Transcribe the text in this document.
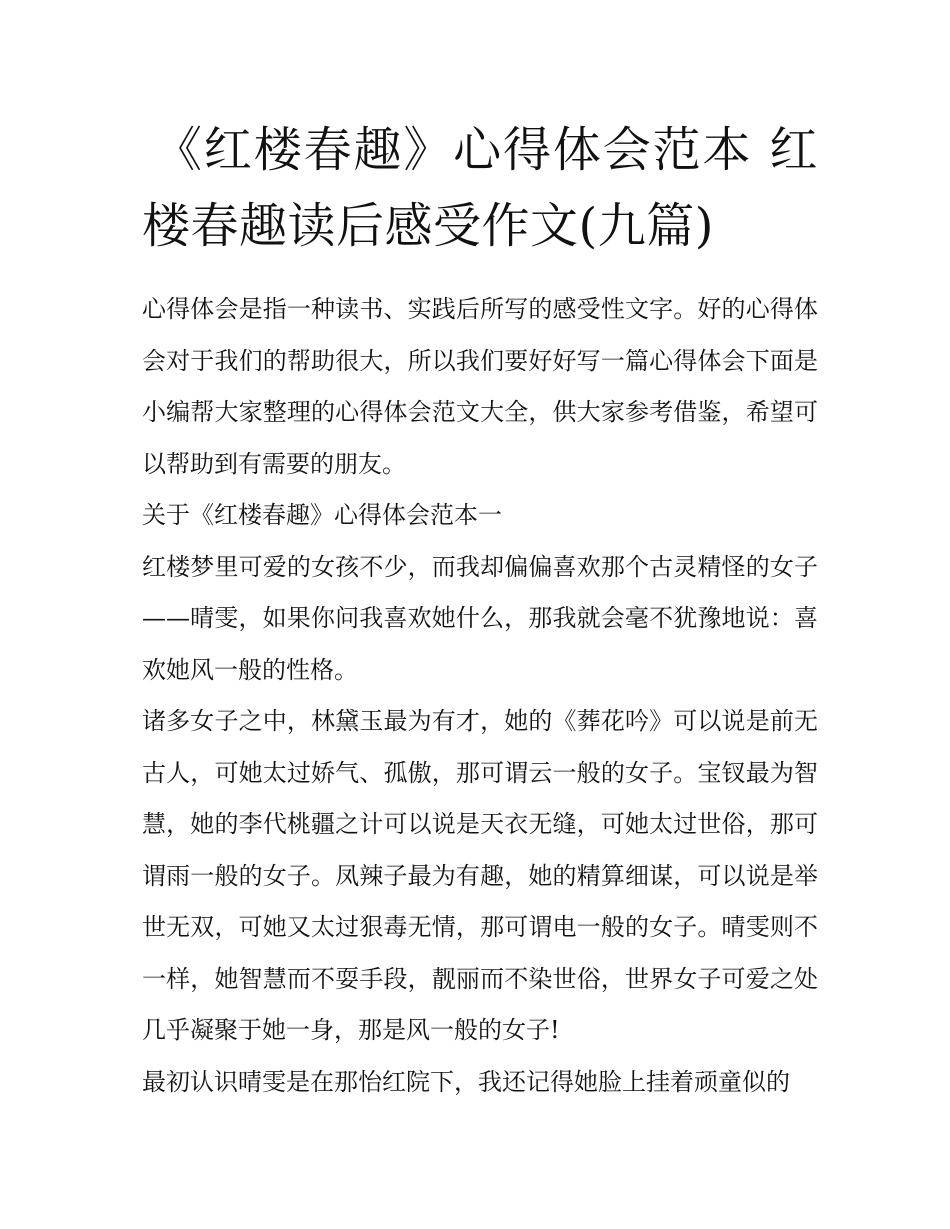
《红楼春趣》心得体会范本 红楼春趣读后感受作文(九篇)

心得体会是指一种读书、实践后所写的感受性文字。好的心得体会对于我们的帮助很大，所以我们要好好写一篇心得体会下面是小编帮大家整理的心得体会范文大全，供大家参考借鉴，希望可以帮助到有需要的朋友。

关于《红楼春趣》心得体会范本一

红楼梦里可爱的女孩不少，而我却偏偏喜欢那个古灵精怪的女子——晴雯，如果你问我喜欢她什么，那我就会毫不犹豫地说：喜欢她风一般的性格。

诸多女子之中，林黛玉最为有才，她的《葬花吟》可以说是前无古人，可她太过娇气、孤傲，那可谓云一般的女子。宝钗最为智慧，她的李代桃疆之计可以说是天衣无缝，可她太过世俗，那可谓雨一般的女子。凤辣子最为有趣，她的精算细谋，可以说是举世无双，可她又太过狠毒无情，那可谓电一般的女子。晴雯则不一样，她智慧而不耍手段，靓丽而不染世俗，世界女子可爱之处几乎凝聚于她一身，那是风一般的女子!

最初认识晴雯是在那怡红院下，我还记得她脸上挂着顽童似的
